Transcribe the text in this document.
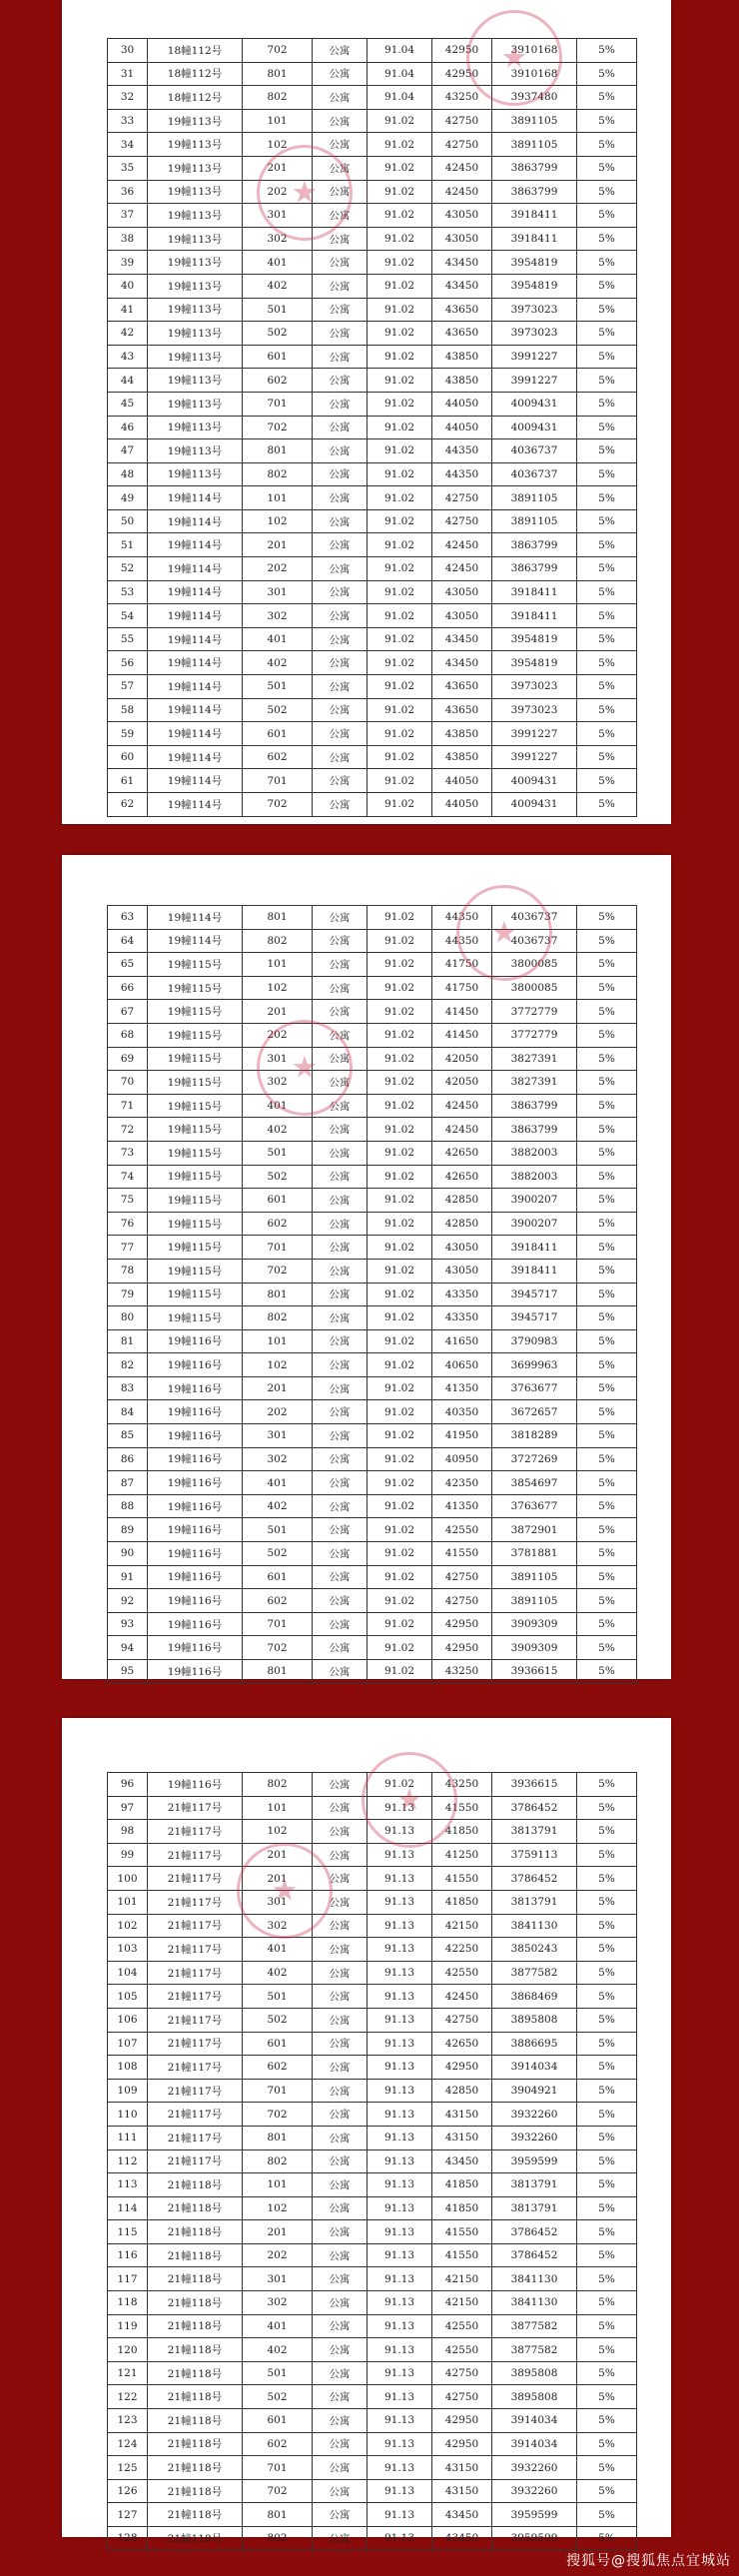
30	18幢112号	702	公寓	91.04	42950	3910168	5%
31	18幢112号	801	公寓	91.04	42950	3910168	5%
32	18幢112号	802	公寓	91.04	43250	3937480	5%
33	19幢113号	101	公寓	91.02	42750	3891105	5%
34	19幢113号	102	公寓	91.02	42750	3891105	5%
35	19幢113号	201	公寓	91.02	42450	3863799	5%
36	19幢113号	202	公寓	91.02	42450	3863799	5%
37	19幢113号	301	公寓	91.02	43050	3918411	5%
38	19幢113号	302	公寓	91.02	43050	3918411	5%
39	19幢113号	401	公寓	91.02	43450	3954819	5%
40	19幢113号	402	公寓	91.02	43450	3954819	5%
41	19幢113号	501	公寓	91.02	43650	3973023	5%
42	19幢113号	502	公寓	91.02	43650	3973023	5%
43	19幢113号	601	公寓	91.02	43850	3991227	5%
44	19幢113号	602	公寓	91.02	43850	3991227	5%
45	19幢113号	701	公寓	91.02	44050	4009431	5%
46	19幢113号	702	公寓	91.02	44050	4009431	5%
47	19幢113号	801	公寓	91.02	44350	4036737	5%
48	19幢113号	802	公寓	91.02	44350	4036737	5%
49	19幢114号	101	公寓	91.02	42750	3891105	5%
50	19幢114号	102	公寓	91.02	42750	3891105	5%
51	19幢114号	201	公寓	91.02	42450	3863799	5%
52	19幢114号	202	公寓	91.02	42450	3863799	5%
53	19幢114号	301	公寓	91.02	43050	3918411	5%
54	19幢114号	302	公寓	91.02	43050	3918411	5%
55	19幢114号	401	公寓	91.02	43450	3954819	5%
56	19幢114号	402	公寓	91.02	43450	3954819	5%
57	19幢114号	501	公寓	91.02	43650	3973023	5%
58	19幢114号	502	公寓	91.02	43650	3973023	5%
59	19幢114号	601	公寓	91.02	43850	3991227	5%
60	19幢114号	602	公寓	91.02	43850	3991227	5%
61	19幢114号	701	公寓	91.02	44050	4009431	5%
62	19幢114号	702	公寓	91.02	44050	4009431	5%
★
★
63	19幢114号	801	公寓	91.02	44350	4036737	5%
64	19幢114号	802	公寓	91.02	44350	4036737	5%
65	19幢115号	101	公寓	91.02	41750	3800085	5%
66	19幢115号	102	公寓	91.02	41750	3800085	5%
67	19幢115号	201	公寓	91.02	41450	3772779	5%
68	19幢115号	202	公寓	91.02	41450	3772779	5%
69	19幢115号	301	公寓	91.02	42050	3827391	5%
70	19幢115号	302	公寓	91.02	42050	3827391	5%
71	19幢115号	401	公寓	91.02	42450	3863799	5%
72	19幢115号	402	公寓	91.02	42450	3863799	5%
73	19幢115号	501	公寓	91.02	42650	3882003	5%
74	19幢115号	502	公寓	91.02	42650	3882003	5%
75	19幢115号	601	公寓	91.02	42850	3900207	5%
76	19幢115号	602	公寓	91.02	42850	3900207	5%
77	19幢115号	701	公寓	91.02	43050	3918411	5%
78	19幢115号	702	公寓	91.02	43050	3918411	5%
79	19幢115号	801	公寓	91.02	43350	3945717	5%
80	19幢115号	802	公寓	91.02	43350	3945717	5%
81	19幢116号	101	公寓	91.02	41650	3790983	5%
82	19幢116号	102	公寓	91.02	40650	3699963	5%
83	19幢116号	201	公寓	91.02	41350	3763677	5%
84	19幢116号	202	公寓	91.02	40350	3672657	5%
85	19幢116号	301	公寓	91.02	41950	3818289	5%
86	19幢116号	302	公寓	91.02	40950	3727269	5%
87	19幢116号	401	公寓	91.02	42350	3854697	5%
88	19幢116号	402	公寓	91.02	41350	3763677	5%
89	19幢116号	501	公寓	91.02	42550	3872901	5%
90	19幢116号	502	公寓	91.02	41550	3781881	5%
91	19幢116号	601	公寓	91.02	42750	3891105	5%
92	19幢116号	602	公寓	91.02	42750	3891105	5%
93	19幢116号	701	公寓	91.02	42950	3909309	5%
94	19幢116号	702	公寓	91.02	42950	3909309	5%
95	19幢116号	801	公寓	91.02	43250	3936615	5%
★
★
96	19幢116号	802	公寓	91.02	43250	3936615	5%
97	21幢117号	101	公寓	91.13	41550	3786452	5%
98	21幢117号	102	公寓	91.13	41850	3813791	5%
99	21幢117号	201	公寓	91.13	41250	3759113	5%
100	21幢117号	201	公寓	91.13	41550	3786452	5%
101	21幢117号	301	公寓	91.13	41850	3813791	5%
102	21幢117号	302	公寓	91.13	42150	3841130	5%
103	21幢117号	401	公寓	91.13	42250	3850243	5%
104	21幢117号	402	公寓	91.13	42550	3877582	5%
105	21幢117号	501	公寓	91.13	42450	3868469	5%
106	21幢117号	502	公寓	91.13	42750	3895808	5%
107	21幢117号	601	公寓	91.13	42650	3886695	5%
108	21幢117号	602	公寓	91.13	42950	3914034	5%
109	21幢117号	701	公寓	91.13	42850	3904921	5%
110	21幢117号	702	公寓	91.13	43150	3932260	5%
111	21幢117号	801	公寓	91.13	43150	3932260	5%
112	21幢117号	802	公寓	91.13	43450	3959599	5%
113	21幢118号	101	公寓	91.13	41850	3813791	5%
114	21幢118号	102	公寓	91.13	41850	3813791	5%
115	21幢118号	201	公寓	91.13	41550	3786452	5%
116	21幢118号	202	公寓	91.13	41550	3786452	5%
117	21幢118号	301	公寓	91.13	42150	3841130	5%
118	21幢118号	302	公寓	91.13	42150	3841130	5%
119	21幢118号	401	公寓	91.13	42550	3877582	5%
120	21幢118号	402	公寓	91.13	42550	3877582	5%
121	21幢118号	501	公寓	91.13	42750	3895808	5%
122	21幢118号	502	公寓	91.13	42750	3895808	5%
123	21幢118号	601	公寓	91.13	42950	3914034	5%
124	21幢118号	602	公寓	91.13	42950	3914034	5%
125	21幢118号	701	公寓	91.13	43150	3932260	5%
126	21幢118号	702	公寓	91.13	43150	3932260	5%
127	21幢118号	801	公寓	91.13	43450	3959599	5%
128	21幢118号	802	公寓	91.13	43450	3959599	5%
★
★
搜狐号@搜狐焦点宜城站
